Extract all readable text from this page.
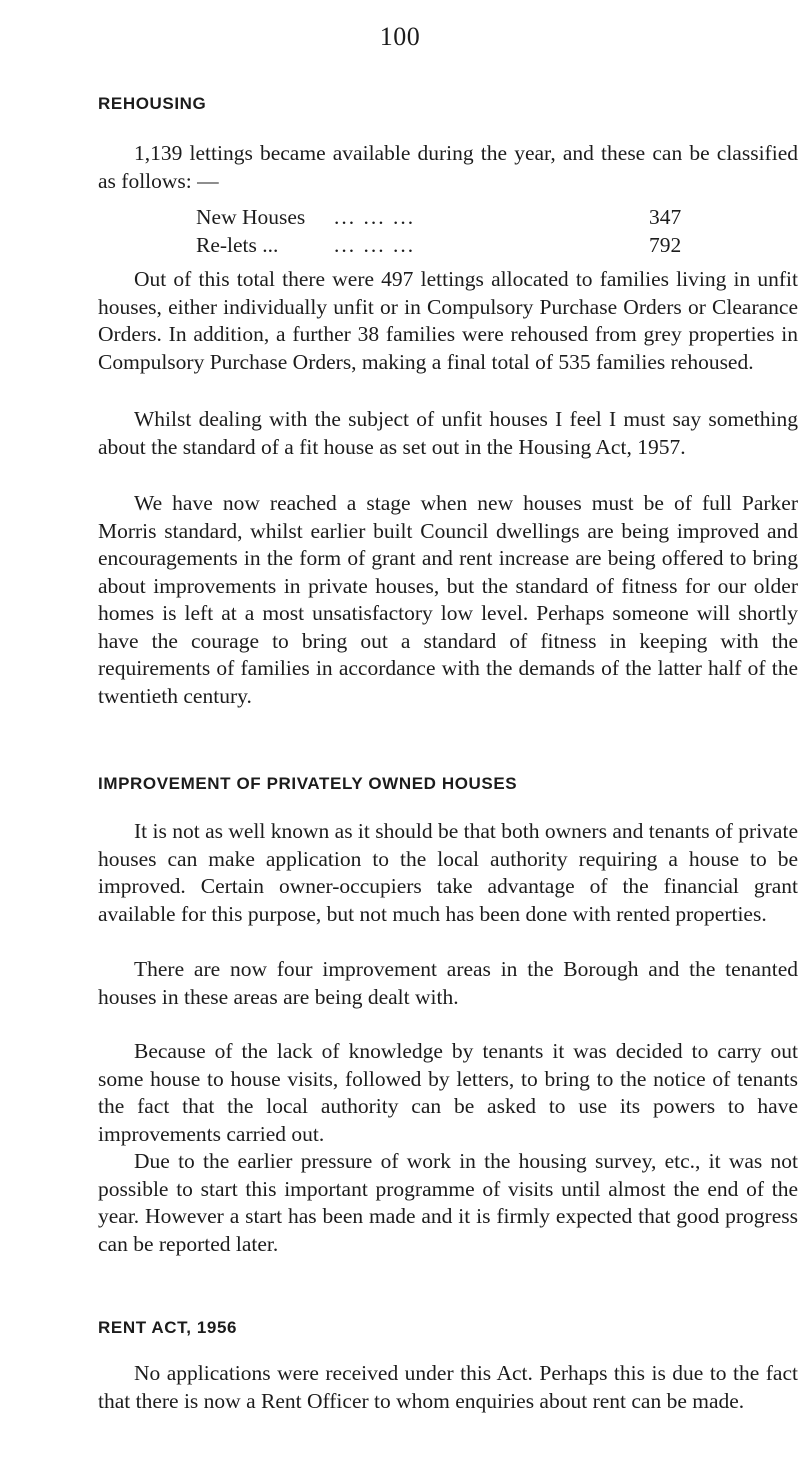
100
REHOUSING

1,139 lettings became available during the year, and these can be classified as follows: —

New Houses ... ... ...	347
Re-lets ...	... ... ...	792

Out of this total there were 497 lettings allocated to families living in unfit houses, either individually unfit or in Compulsory Purchase Orders or Clearance Orders. In addition, a further 38 families were rehoused from grey properties in Compulsory Purchase Orders, making a final total of 535 families rehoused.

Whilst dealing with the subject of unfit houses I feel I must say something about the standard of a fit house as set out in the Housing Act, 1957.

We have now reached a stage when new houses must be of full Parker Morris standard, whilst earlier built Council dwellings are being improved and encouragements in the form of grant and rent increase are being offered to bring about improvements in private houses, but the standard of fitness for our older homes is left at a most unsatisfactory low level. Perhaps someone will shortly have the courage to bring out a standard of fitness in keeping with the requirements of families in accordance with the demands of the latter half of the twentieth century.

IMPROVEMENT OF PRIVATELY OWNED HOUSES

It is not as well known as it should be that both owners and tenants of private houses can make application to the local authority requiring a house to be improved. Certain owner-occupiers take advantage of the financial grant available for this purpose, but not much has been done with rented properties.

There are now four improvement areas in the Borough and the tenanted houses in these areas are being dealt with.

Because of the lack of knowledge by tenants it was decided to carry out some house to house visits, followed by letters, to bring to the notice of tenants the fact that the local authority can be asked to use its powers to have improvements carried out.

Due to the earlier pressure of work in the housing survey, etc., it was not possible to start this important programme of visits until almost the end of the year. However a start has been made and it is firmly expected that good progress can be reported later.

RENT ACT, 1956

No applications were received under this Act. Perhaps this is due to the fact that there is now a Rent Officer to whom enquiries about rent can be made.
